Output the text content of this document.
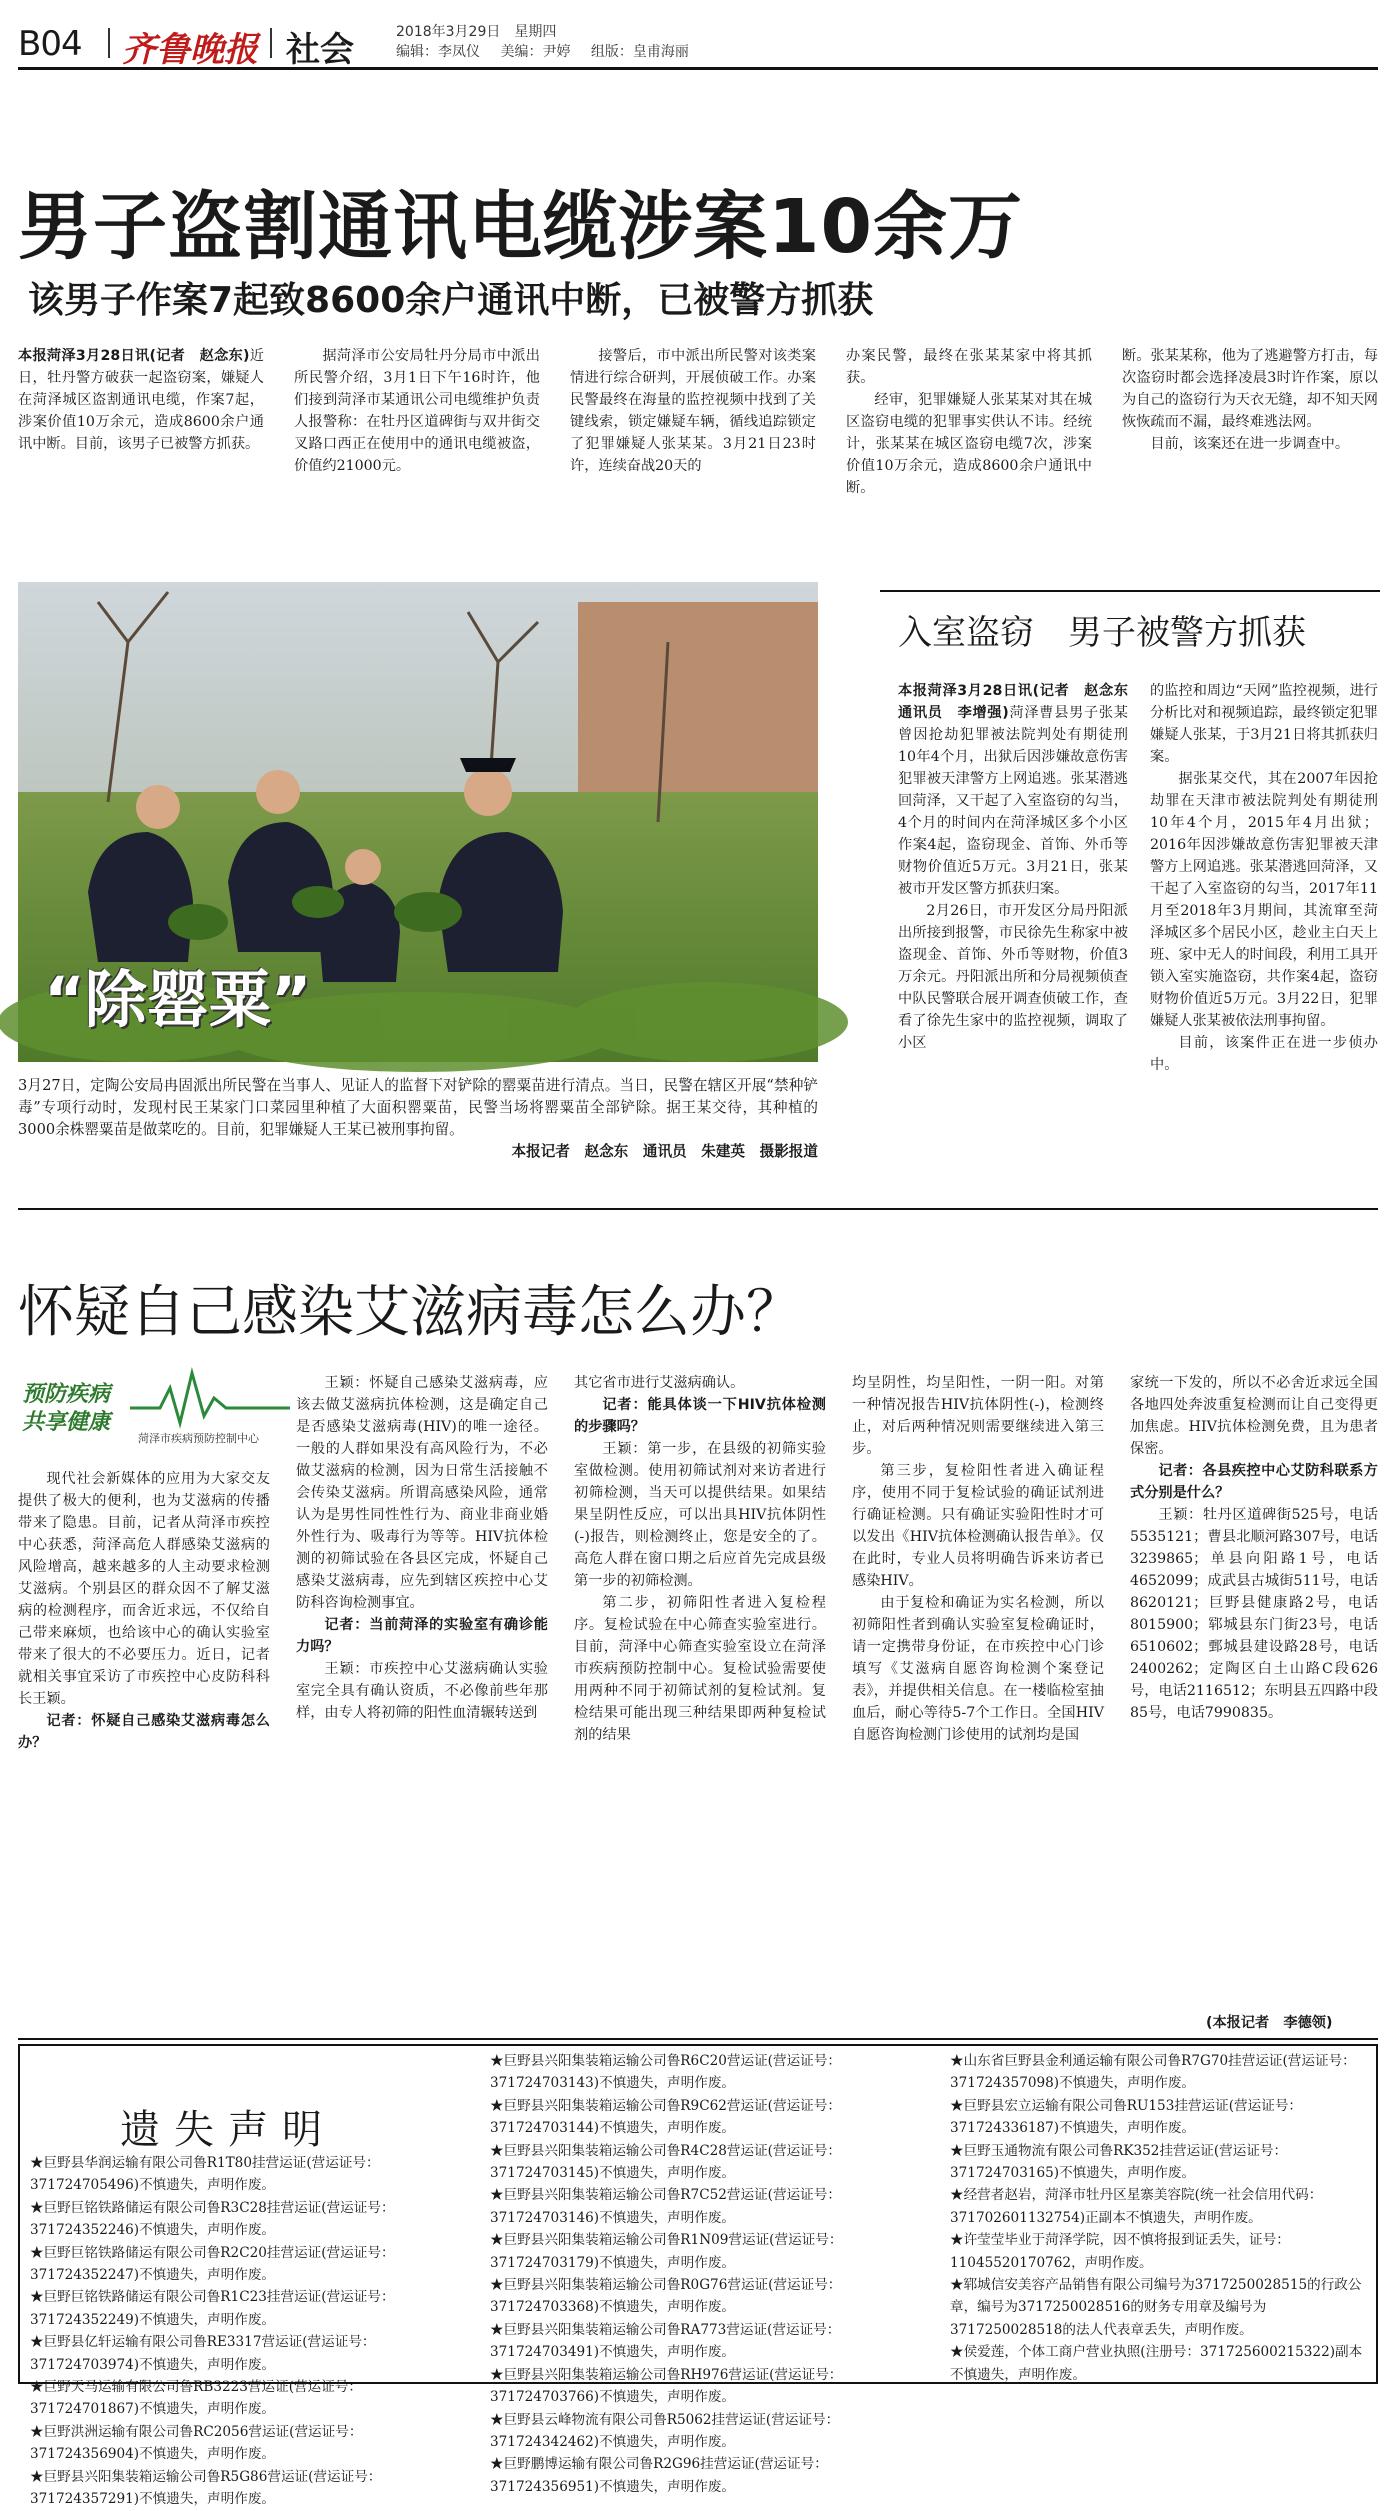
B04 齐鲁晚报 社会	2018年3月29日　星期四
编辑：李凤仪 美编：尹婷 组版：皇甫海丽
男子盗割通讯电缆涉案10余万
该男子作案7起致8600余户通讯中断，已被警方抓获

本报菏泽3月28日讯(记者　赵念东)近日，牡丹警方破获一起盗窃案，嫌疑人在菏泽城区盗割通讯电缆，作案7起，涉案价值10万余元，造成8600余户通讯中断。目前，该男子已被警方抓获。

据菏泽市公安局牡丹分局市中派出所民警介绍，3月1日下午16时许，他们接到菏泽市某通讯公司电缆维护负责人报警称：在牡丹区道碑街与双井街交叉路口西正在使用中的通讯电缆被盗，价值约21000元。

接警后，市中派出所民警对该类案情进行综合研判，开展侦破工作。办案民警最终在海量的监控视频中找到了关键线索，锁定嫌疑车辆，循线追踪锁定了犯罪嫌疑人张某某。3月21日23时许，连续奋战20天的

办案民警，最终在张某某家中将其抓获。

经审，犯罪嫌疑人张某某对其在城区盗窃电缆的犯罪事实供认不讳。经统计，张某某在城区盗窃电缆7次，涉案价值10万余元，造成8600余户通讯中断。

断。张某某称，他为了逃避警方打击，每次盗窃时都会选择凌晨3时许作案，原以为自己的盗窃行为天衣无缝，却不知天网恢恢疏而不漏，最终难逃法网。

目前，该案还在进一步调查中。

“除罂粟”
3月27日，定陶公安局冉固派出所民警在当事人、见证人的监督下对铲除的罂粟苗进行清点。当日，民警在辖区开展“禁种铲毒”专项行动时，发现村民王某家门口菜园里种植了大面积罂粟苗，民警当场将罂粟苗全部铲除。据王某交待，其种植的3000余株罂粟苗是做菜吃的。目前，犯罪嫌疑人王某已被刑事拘留。
本报记者　赵念东　通讯员　朱建英　摄影报道
入室盗窃　男子被警方抓获

本报菏泽3月28日讯(记者　赵念东　通讯员　李增强)菏泽曹县男子张某曾因抢劫犯罪被法院判处有期徒刑10年4个月，出狱后因涉嫌故意伤害犯罪被天津警方上网追逃。张某潜逃回菏泽，又干起了入室盗窃的勾当，4个月的时间内在菏泽城区多个小区作案4起，盗窃现金、首饰、外币等财物价值近5万元。3月21日，张某被市开发区警方抓获归案。

2月26日，市开发区分局丹阳派出所接到报警，市民徐先生称家中被盗现金、首饰、外币等财物，价值3万余元。丹阳派出所和分局视频侦查中队民警联合展开调查侦破工作，查看了徐先生家中的监控视频，调取了小区

的监控和周边“天网”监控视频，进行分析比对和视频追踪，最终锁定犯罪嫌疑人张某，于3月21日将其抓获归案。

据张某交代，其在2007年因抢劫罪在天津市被法院判处有期徒刑10年4个月，2015年4月出狱；2016年因涉嫌故意伤害犯罪被天津警方上网追逃。张某潜逃回菏泽，又干起了入室盗窃的勾当，2017年11月至2018年3月期间，其流窜至菏泽城区多个居民小区，趁业主白天上班、家中无人的时间段，利用工具开锁入室实施盗窃，共作案4起，盗窃财物价值近5万元。3月22日，犯罪嫌疑人张某被依法刑事拘留。

目前，该案件正在进一步侦办中。

怀疑自己感染艾滋病毒怎么办？
预防疾病
共享健康
菏泽市疾病预防控制中心

现代社会新媒体的应用为大家交友提供了极大的便利，也为艾滋病的传播带来了隐患。目前，记者从菏泽市疾控中心获悉，菏泽高危人群感染艾滋病的风险增高，越来越多的人主动要求检测艾滋病。个别县区的群众因不了解艾滋病的检测程序，而舍近求远，不仅给自己带来麻烦，也给该中心的确认实验室带来了很大的不必要压力。近日，记者就相关事宜采访了市疾控中心皮防科科长王颖。

记者：怀疑自己感染艾滋病毒怎么办？

王颖：怀疑自己感染艾滋病毒，应该去做艾滋病抗体检测，这是确定自己是否感染艾滋病毒(HIV)的唯一途径。一般的人群如果没有高风险行为，不必做艾滋病的检测，因为日常生活接触不会传染艾滋病。所谓高感染风险，通常认为是男性同性性行为、商业非商业婚外性行为、吸毒行为等等。HIV抗体检测的初筛试验在各县区完成，怀疑自己感染艾滋病毒，应先到辖区疾控中心艾防科咨询检测事宜。

记者：当前菏泽的实验室有确诊能力吗？

王颖：市疾控中心艾滋病确认实验室完全具有确认资质，不必像前些年那样，由专人将初筛的阳性血清辗转送到

其它省市进行艾滋病确认。

记者：能具体谈一下HIV抗体检测的步骤吗？

王颖：第一步，在县级的初筛实验室做检测。使用初筛试剂对来访者进行初筛检测，当天可以提供结果。如果结果呈阴性反应，可以出具HIV抗体阴性(-)报告，则检测终止，您是安全的了。高危人群在窗口期之后应首先完成县级第一步的初筛检测。

第二步，初筛阳性者进入复检程序。复检试验在中心筛查实验室进行。目前，菏泽中心筛查实验室设立在菏泽市疾病预防控制中心。复检试验需要使用两种不同于初筛试剂的复检试剂。复检结果可能出现三种结果即两种复检试剂的结果

均呈阴性，均呈阳性，一阴一阳。对第一种情况报告HIV抗体阴性(-)，检测终止，对后两种情况则需要继续进入第三步。

第三步，复检阳性者进入确证程序，使用不同于复检试验的确证试剂进行确证检测。只有确证实验阳性时才可以发出《HIV抗体检测确认报告单》。仅在此时，专业人员将明确告诉来访者已感染HIV。

由于复检和确证为实名检测，所以初筛阳性者到确认实验室复检确证时，请一定携带身份证，在市疾控中心门诊填写《艾滋病自愿咨询检测个案登记表》，并提供相关信息。在一楼临检室抽血后，耐心等待5-7个工作日。全国HIV自愿咨询检测门诊使用的试剂均是国

家统一下发的，所以不必舍近求远全国各地四处奔波重复检测而让自己变得更加焦虑。HIV抗体检测免费，且为患者保密。

记者：各县疾控中心艾防科联系方式分别是什么？

王颖：牡丹区道碑街525号，电话5535121；曹县北顺河路307号，电话3239865；单县向阳路1号，电话4652099；成武县古城街511号，电话8620121；巨野县健康路2号，电话8015900；郓城县东门街23号，电话6510602；鄄城县建设路28号，电话2400262；定陶区白土山路C段626号，电话2116512；东明县五四路中段85号，电话7990835。

(本报记者　李德领)
遗失声明
★巨野县华润运输有限公司鲁R1T80挂营运证(营运证号：371724705496)不慎遗失，声明作废。
★巨野巨铭铁路储运有限公司鲁R3C28挂营运证(营运证号：371724352246)不慎遗失，声明作废。
★巨野巨铭铁路储运有限公司鲁R2C20挂营运证(营运证号：371724352247)不慎遗失，声明作废。
★巨野巨铭铁路储运有限公司鲁R1C23挂营运证(营运证号：371724352249)不慎遗失，声明作废。
★巨野县亿轩运输有限公司鲁RE3317营运证(营运证号：371724703974)不慎遗失，声明作废。
★巨野天马运输有限公司鲁RB3223营运证(营运证号：371724701867)不慎遗失，声明作废。
★巨野洪洲运输有限公司鲁RC2056营运证(营运证号：371724356904)不慎遗失，声明作废。
★巨野县兴阳集装箱运输公司鲁R5G86营运证(营运证号：371724357291)不慎遗失，声明作废。
★巨野县兴阳集装箱运输公司鲁R6C20营运证(营运证号：371724703143)不慎遗失，声明作废。
★巨野县兴阳集装箱运输公司鲁R9C62营运证(营运证号：371724703144)不慎遗失，声明作废。
★巨野县兴阳集装箱运输公司鲁R4C28营运证(营运证号：371724703145)不慎遗失，声明作废。
★巨野县兴阳集装箱运输公司鲁R7C52营运证(营运证号：371724703146)不慎遗失，声明作废。
★巨野县兴阳集装箱运输公司鲁R1N09营运证(营运证号：371724703179)不慎遗失，声明作废。
★巨野县兴阳集装箱运输公司鲁R0G76营运证(营运证号：371724703368)不慎遗失，声明作废。
★巨野县兴阳集装箱运输公司鲁RA773营运证(营运证号：371724703491)不慎遗失，声明作废。
★巨野县兴阳集装箱运输公司鲁RH976营运证(营运证号：371724703766)不慎遗失，声明作废。
★巨野县云峰物流有限公司鲁R5062挂营运证(营运证号：371724342462)不慎遗失，声明作废。
★巨野鹏博运输有限公司鲁R2G96挂营运证(营运证号：371724356951)不慎遗失，声明作废。
★山东省巨野县金利通运输有限公司鲁R7G70挂营运证(营运证号：371724357098)不慎遗失，声明作废。
★巨野县宏立运输有限公司鲁RU153挂营运证(营运证号：371724336187)不慎遗失，声明作废。
★巨野玉通物流有限公司鲁RK352挂营运证(营运证号：371724703165)不慎遗失，声明作废。
★经营者赵岩，菏泽市牡丹区星寨美容院(统一社会信用代码：371702601132754)正副本不慎遗失，声明作废。
★许莹莹毕业于菏泽学院，因不慎将报到证丢失，证号：11045520170762，声明作废。
★郓城信安美容产品销售有限公司编号为371725002851​5的行政公章，编号为371725002851​6的财务专用章及编号为371725002851​8的法人代表章丢失，声明作废。
★侯爱莲，个体工商户营业执照(注册号：371725600215322)副本不慎遗失，声明作废。
